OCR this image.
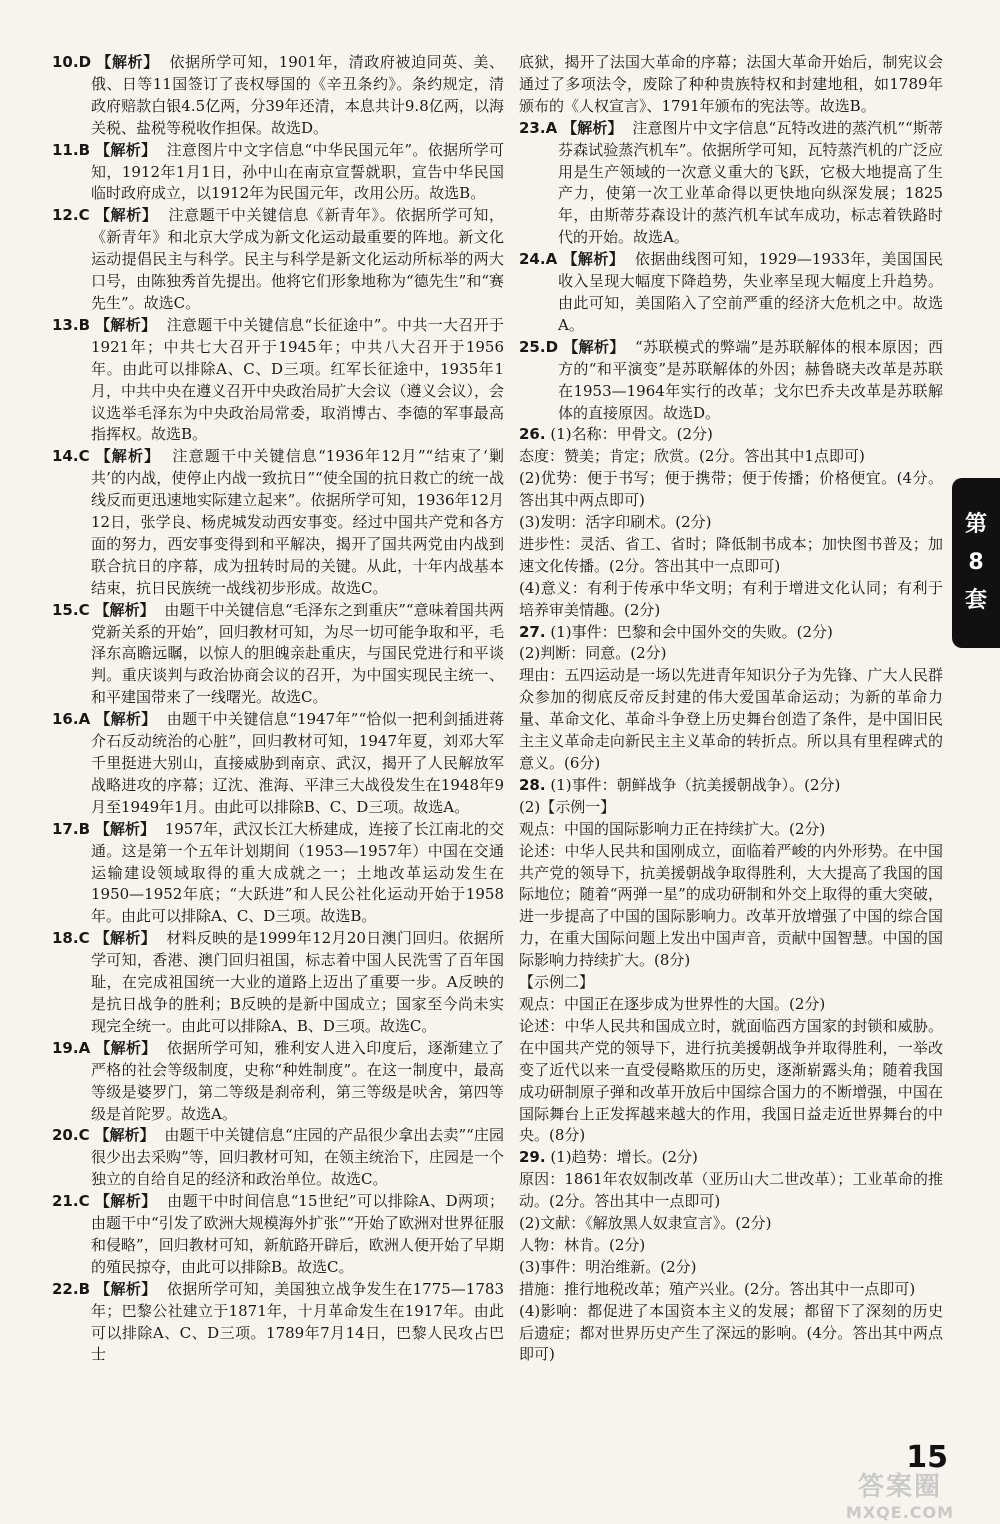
10.D 【解析】 依据所学可知，1901年，清政府被迫同英、美、俄、日等11国签订了丧权辱国的《辛丑条约》。条约规定，清政府赔款白银4.5亿两，分39年还清，本息共计9.8亿两，以海关税、盐税等税收作担保。故选D。

11.B 【解析】 注意图片中文字信息“中华民国元年”。依据所学可知，1912年1月1日，孙中山在南京宣誓就职，宣告中华民国临时政府成立，以1912年为民国元年，改用公历。故选B。

12.C 【解析】 注意题干中关键信息《新青年》。依据所学可知，《新青年》和北京大学成为新文化运动最重要的阵地。新文化运动提倡民主与科学。民主与科学是新文化运动所标举的两大口号，由陈独秀首先提出。他将它们形象地称为“德先生”和“赛先生”。故选C。

13.B 【解析】 注意题干中关键信息“长征途中”。中共一大召开于1921年；中共七大召开于1945年；中共八大召开于1956年。由此可以排除A、C、D三项。红军长征途中，1935年1月，中共中央在遵义召开中央政治局扩大会议（遵义会议），会议选举毛泽东为中央政治局常委，取消博古、李德的军事最高指挥权。故选B。

14.C 【解析】 注意题干中关键信息“1936年12月”“结束了‘剿共’的内战，使停止内战一致抗日”“使全国的抗日救亡的统一战线反而更迅速地实际建立起来”。依据所学可知，1936年12月12日，张学良、杨虎城发动西安事变。经过中国共产党和各方面的努力，西安事变得到和平解决，揭开了国共两党由内战到联合抗日的序幕，成为扭转时局的关键。从此，十年内战基本结束，抗日民族统一战线初步形成。故选C。

15.C 【解析】 由题干中关键信息“毛泽东之到重庆”“意味着国共两党新关系的开始”，回归教材可知，为尽一切可能争取和平，毛泽东高瞻远瞩，以惊人的胆魄亲赴重庆，与国民党进行和平谈判。重庆谈判与政治协商会议的召开，为中国实现民主统一、和平建国带来了一线曙光。故选C。

16.A 【解析】 由题干中关键信息“1947年”“恰似一把利剑插进蒋介石反动统治的心脏”，回归教材可知，1947年夏，刘邓大军千里挺进大别山，直接威胁到南京、武汉，揭开了人民解放军战略进攻的序幕；辽沈、淮海、平津三大战役发生在1948年9月至1949年1月。由此可以排除B、C、D三项。故选A。

17.B 【解析】 1957年，武汉长江大桥建成，连接了长江南北的交通。这是第一个五年计划期间（1953—1957年）中国在交通运输建设领域取得的重大成就之一；土地改革运动发生在1950—1952年底；“大跃进”和人民公社化运动开始于1958年。由此可以排除A、C、D三项。故选B。

18.C 【解析】 材料反映的是1999年12月20日澳门回归。依据所学可知，香港、澳门回归祖国，标志着中国人民洗雪了百年国耻，在完成祖国统一大业的道路上迈出了重要一步。A反映的是抗日战争的胜利；B反映的是新中国成立；国家至今尚未实现完全统一。由此可以排除A、B、D三项。故选C。

19.A 【解析】 依据所学可知，雅利安人进入印度后，逐渐建立了严格的社会等级制度，史称“种姓制度”。在这一制度中，最高等级是婆罗门，第二等级是刹帝利，第三等级是吠舍，第四等级是首陀罗。故选A。

20.C 【解析】 由题干中关键信息“庄园的产品很少拿出去卖”“庄园很少出去采购”等，回归教材可知，在领主统治下，庄园是一个独立的自给自足的经济和政治单位。故选C。

21.C 【解析】 由题干中时间信息“15世纪”可以排除A、D两项；由题干中“引发了欧洲大规模海外扩张”“开始了欧洲对世界征服和侵略”，回归教材可知，新航路开辟后，欧洲人便开始了早期的殖民掠夺，由此可以排除B。故选C。

22.B 【解析】 依据所学可知，美国独立战争发生在1775—1783年；巴黎公社建立于1871年，十月革命发生在1917年。由此可以排除A、C、D三项。1789年7月14日，巴黎人民攻占巴士

底狱，揭开了法国大革命的序幕；法国大革命开始后，制宪议会通过了多项法令，废除了种种贵族特权和封建地租，如1789年颁布的《人权宣言》、1791年颁布的宪法等。故选B。

23.A 【解析】 注意图片中文字信息“瓦特改进的蒸汽机”“斯蒂芬森试验蒸汽机车”。依据所学可知，瓦特蒸汽机的广泛应用是生产领域的一次意义重大的飞跃，它极大地提高了生产力，使第一次工业革命得以更快地向纵深发展；1825年，由斯蒂芬森设计的蒸汽机车试车成功，标志着铁路时代的开始。故选A。

24.A 【解析】 依据曲线图可知，1929—1933年，美国国民收入呈现大幅度下降趋势，失业率呈现大幅度上升趋势。由此可知，美国陷入了空前严重的经济大危机之中。故选A。

25.D 【解析】 “苏联模式的弊端”是苏联解体的根本原因；西方的“和平演变”是苏联解体的外因；赫鲁晓夫改革是苏联在1953—1964年实行的改革；戈尔巴乔夫改革是苏联解体的直接原因。故选D。

26. (1)名称：甲骨文。(2分)

态度：赞美；肯定；欣赏。(2分。答出其中1点即可)

(2)优势：便于书写；便于携带；便于传播；价格便宜。(4分。答出其中两点即可)

(3)发明：活字印刷术。(2分)

进步性：灵活、省工、省时；降低制书成本；加快图书普及；加速文化传播。(2分。答出其中一点即可)

(4)意义：有利于传承中华文明；有利于增进文化认同；有利于培养审美情趣。(2分)

27. (1)事件：巴黎和会中国外交的失败。(2分)

(2)判断：同意。(2分)

理由：五四运动是一场以先进青年知识分子为先锋、广大人民群众参加的彻底反帝反封建的伟大爱国革命运动；为新的革命力量、革命文化、革命斗争登上历史舞台创造了条件，是中国旧民主主义革命走向新民主主义革命的转折点。所以具有里程碑式的意义。(6分)

28. (1)事件：朝鲜战争（抗美援朝战争）。(2分)

(2)【示例一】

观点：中国的国际影响力正在持续扩大。(2分)

论述：中华人民共和国刚成立，面临着严峻的内外形势。在中国共产党的领导下，抗美援朝战争取得胜利，大大提高了我国的国际地位；随着“两弹一星”的成功研制和外交上取得的重大突破，进一步提高了中国的国际影响力。改革开放增强了中国的综合国力，在重大国际问题上发出中国声音，贡献中国智慧。中国的国际影响力持续扩大。(8分)

【示例二】

观点：中国正在逐步成为世界性的大国。(2分)

论述：中华人民共和国成立时，就面临西方国家的封锁和威胁。在中国共产党的领导下，进行抗美援朝战争并取得胜利，一举改变了近代以来一直受侵略欺压的历史，逐渐崭露头角；随着我国成功研制原子弹和改革开放后中国综合国力的不断增强，中国在国际舞台上正发挥越来越大的作用，我国日益走近世界舞台的中央。(8分)

29. (1)趋势：增长。(2分)

原因：1861年农奴制改革（亚历山大二世改革）；工业革命的推动。(2分。答出其中一点即可)

(2)文献：《解放黑人奴隶宣言》。(2分)

人物：林肯。(2分)

(3)事件：明治维新。(2分)

措施：推行地税改革；殖产兴业。(2分。答出其中一点即可)

(4)影响：都促进了本国资本主义的发展；都留下了深刻的历史后遗症；都对世界历史产生了深远的影响。(4分。答出其中两点即可)

第
8
套
15
答案圈
MXQE.COM
